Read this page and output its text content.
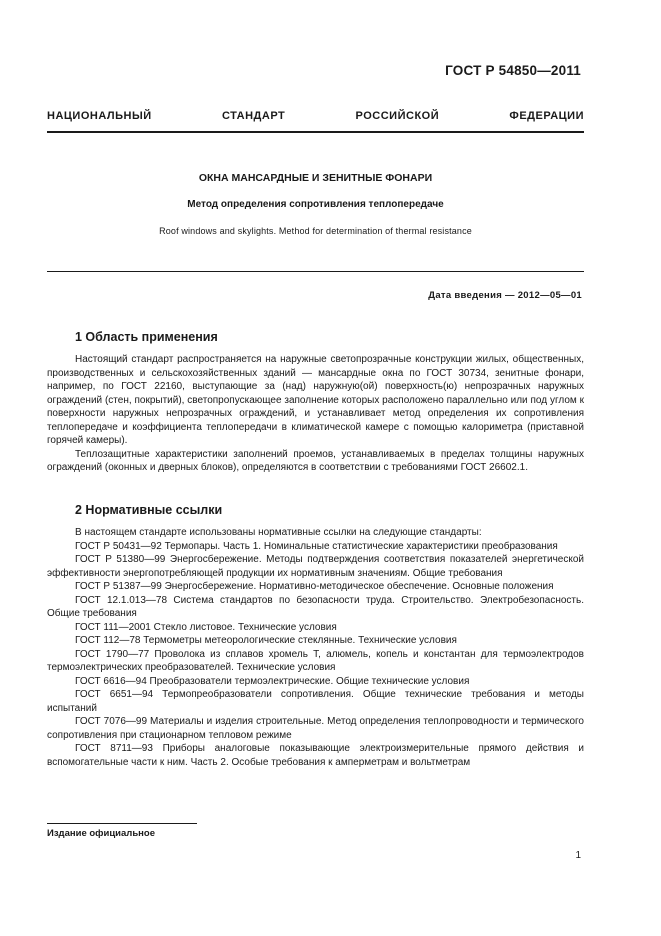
ГОСТ Р 54850—2011
НАЦИОНАЛЬНЫЙ СТАНДАРТ РОССИЙСКОЙ ФЕДЕРАЦИИ
ОКНА МАНСАРДНЫЕ И ЗЕНИТНЫЕ ФОНАРИ
Метод определения сопротивления теплопередаче
Roof windows and skylights. Method for determination of thermal resistance
Дата введения — 2012—05—01
1 Область применения

Настоящий стандарт распространяется на наружные светопрозрачные конструкции жилых, общественных, производственных и сельскохозяйственных зданий — мансардные окна по ГОСТ 30734, зенитные фонари, например, по ГОСТ 22160, выступающие за (над) наружную(ой) поверхность(ю) непрозрачных наружных ограждений (стен, покрытий), светопропускающее заполнение которых расположено параллельно или под углом к поверхности наружных непрозрачных ограждений, и устанавливает метод определения их сопротивления теплопередаче и коэффициента теплопередачи в климатической камере с помощью калориметра (приставной горячей камеры).

Теплозащитные характеристики заполнений проемов, устанавливаемых в пределах толщины наружных ограждений (оконных и дверных блоков), определяются в соответствии с требованиями ГОСТ 26602.1.

2 Нормативные ссылки

В настоящем стандарте использованы нормативные ссылки на следующие стандарты:

ГОСТ Р 50431—92 Термопары. Часть 1. Номинальные статистические характеристики преобразования

ГОСТ Р 51380—99 Энергосбережение. Методы подтверждения соответствия показателей энергетической эффективности энергопотребляющей продукции их нормативным значениям. Общие требования

ГОСТ Р 51387—99 Энергосбережение. Нормативно-методическое обеспечение. Основные положения

ГОСТ 12.1.013—78 Система стандартов по безопасности труда. Строительство. Электробезопасность. Общие требования

ГОСТ 111—2001 Стекло листовое. Технические условия

ГОСТ 112—78 Термометры метеорологические стеклянные. Технические условия

ГОСТ 1790—77 Проволока из сплавов хромель Т, алюмель, копель и константан для термоэлектродов термоэлектрических преобразователей. Технические условия

ГОСТ 6616—94 Преобразователи термоэлектрические. Общие технические условия

ГОСТ 6651—94 Термопреобразователи сопротивления. Общие технические требования и методы испытаний

ГОСТ 7076—99 Материалы и изделия строительные. Метод определения теплопроводности и термического сопротивления при стационарном тепловом режиме

ГОСТ 8711—93 Приборы аналоговые показывающие электроизмерительные прямого действия и вспомогательные части к ним. Часть 2. Особые требования к амперметрам и вольтметрам

Издание официальное
1
